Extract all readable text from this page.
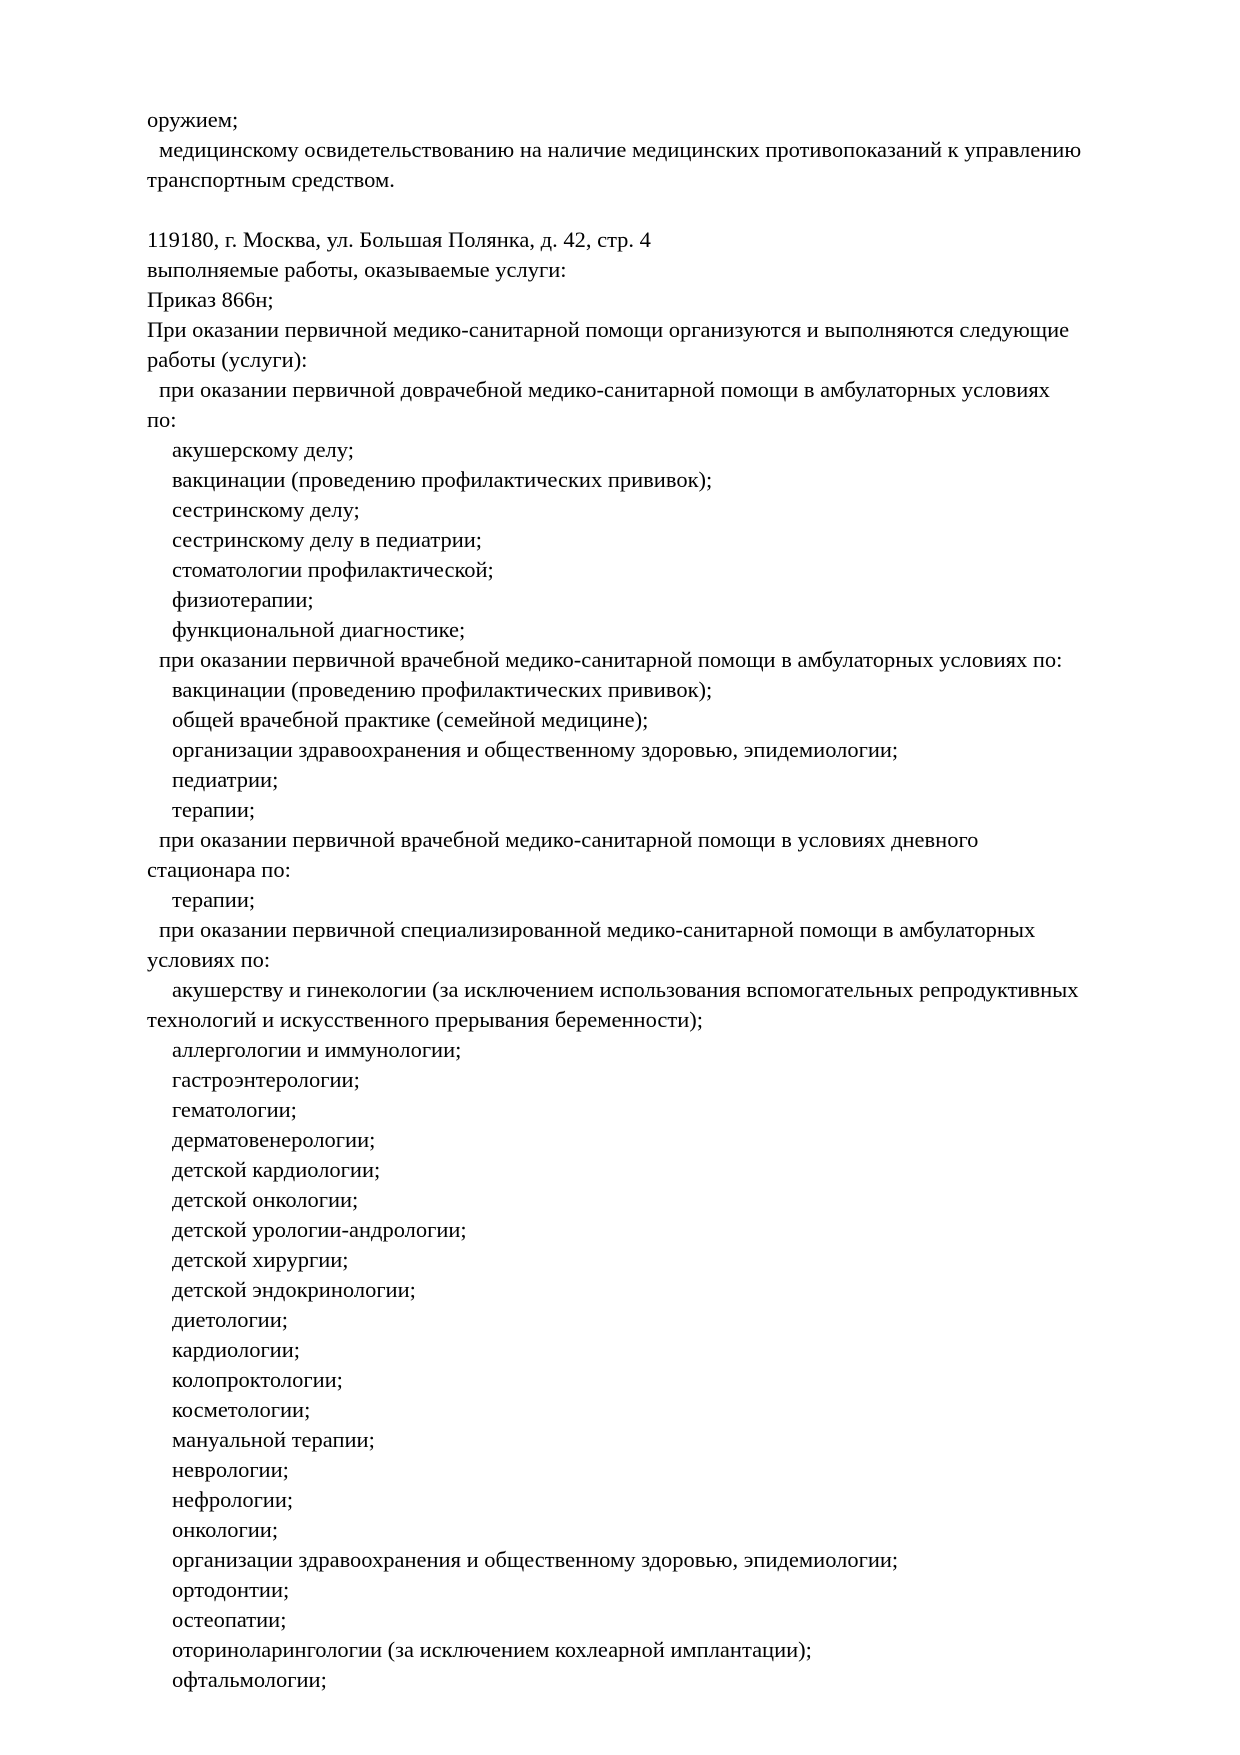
оружием;
медицинскому освидетельствованию на наличие медицинских противопоказаний к управлению
транспортным средством.
119180, г. Москва, ул. Большая Полянка, д. 42, стр. 4
выполняемые работы, оказываемые услуги:
Приказ 866н;
При оказании первичной медико-санитарной помощи организуются и выполняются следующие
работы (услуги):
при оказании первичной доврачебной медико-санитарной помощи в амбулаторных условиях
по:
акушерскому делу;
вакцинации (проведению профилактических прививок);
сестринскому делу;
сестринскому делу в педиатрии;
стоматологии профилактической;
физиотерапии;
функциональной диагностике;
при оказании первичной врачебной медико-санитарной помощи в амбулаторных условиях по:
вакцинации (проведению профилактических прививок);
общей врачебной практике (семейной медицине);
организации здравоохранения и общественному здоровью, эпидемиологии;
педиатрии;
терапии;
при оказании первичной врачебной медико-санитарной помощи в условиях дневного
стационара по:
терапии;
при оказании первичной специализированной медико-санитарной помощи в амбулаторных
условиях по:
акушерству и гинекологии (за исключением использования вспомогательных репродуктивных
технологий и искусственного прерывания беременности);
аллергологии и иммунологии;
гастроэнтерологии;
гематологии;
дерматовенерологии;
детской кардиологии;
детской онкологии;
детской урологии-андрологии;
детской хирургии;
детской эндокринологии;
диетологии;
кардиологии;
колопроктологии;
косметологии;
мануальной терапии;
неврологии;
нефрологии;
онкологии;
организации здравоохранения и общественному здоровью, эпидемиологии;
ортодонтии;
остеопатии;
оториноларингологии (за исключением кохлеарной имплантации);
офтальмологии;
